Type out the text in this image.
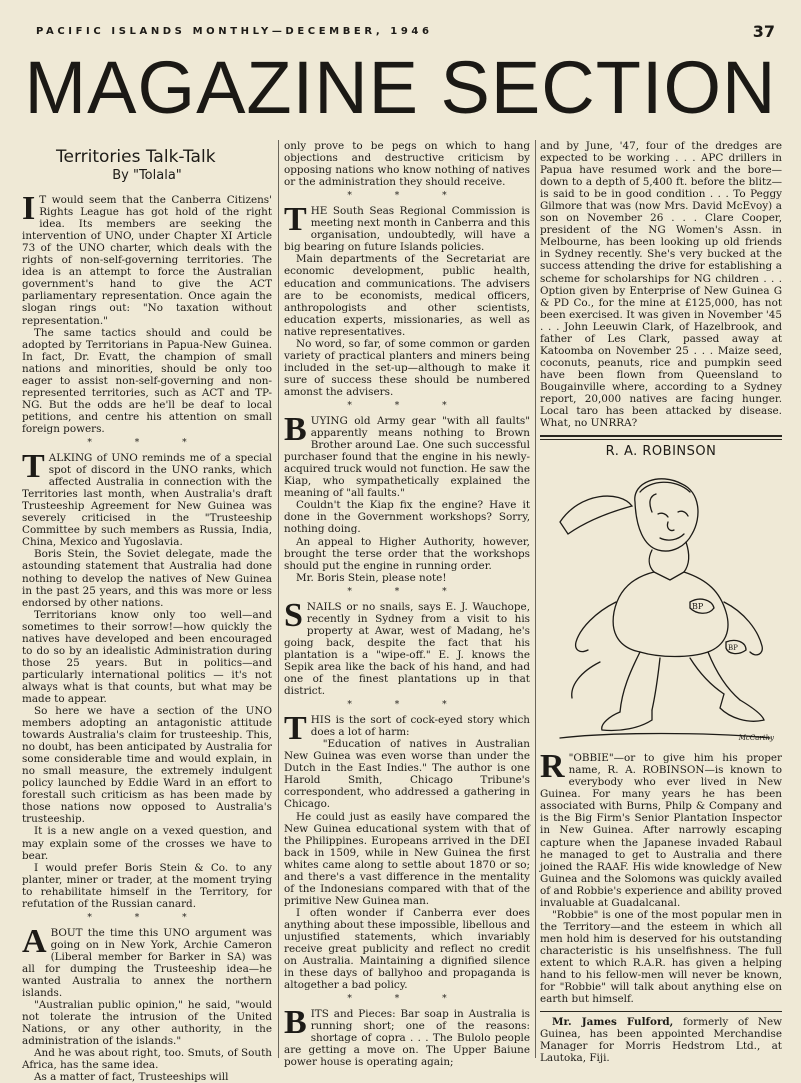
PACIFIC ISLANDS MONTHLY—DECEMBER, 1946	37
MAGAZINE SECTION
Territories Talk-Talk
By "Tolala"

I T would seem that the Canberra Citizens' Rights League has got hold of the right idea. Its members are seeking the intervention of UNO, under Chapter XI Article 73 of the UNO charter, which deals with the rights of non-self-governing territories. The idea is an attempt to force the Australian government's hand to give the ACT parliamentary representation. Once again the slogan rings out: "No taxation without representation."

The same tactics should and could be adopted by Territorians in Papua-New Guinea. In fact, Dr. Evatt, the champion of small nations and minorities, should be only too eager to assist non-self-governing and non-represented territories, such as ACT and TP-NG. But the odds are he'll be deaf to local petitions, and centre his attention on small foreign powers.

* * *

TALKING of UNO reminds me of a special spot of discord in the UNO ranks, which affected Australia in connection with the Territories last month, when Australia's draft Trusteeship Agreement for New Guinea was severely criticised in the "Trusteeship Committee by such members as Russia, India, China, Mexico and Yugoslavia.

Boris Stein, the Soviet delegate, made the astounding statement that Australia had done nothing to develop the natives of New Guinea in the past 25 years, and this was more or less endorsed by other nations.

Territorians know only too well—and sometimes to their sorrow!—how quickly the natives have developed and been encouraged to do so by an idealistic Administration during those 25 years. But in politics—and particularly international politics — it's not always what is that counts, but what may be made to appear.

So here we have a section of the UNO members adopting an antagonistic attitude towards Australia's claim for trusteeship. This, no doubt, has been anticipated by Australia for some considerable time and would explain, in no small measure, the extremely indulgent policy launched by Eddie Ward in an effort to forestall such criticism as has been made by those nations now opposed to Australia's trusteeship.

It is a new angle on a vexed question, and may explain some of the crosses we have to bear.

I would prefer Boris Stein & Co. to any planter, miner or trader, at the moment trying to rehabilitate himself in the Territory, for refutation of the Russian canard.

* * *

ABOUT the time this UNO argument was going on in New York, Archie Cameron (Liberal member for Barker in SA) was all for dumping the Trusteeship idea—he wanted Australia to annex the northern islands.

"Australian public opinion," he said, "would not tolerate the intrusion of the United Nations, or any other authority, in the administration of the islands."

And he was about right, too. Smuts, of South Africa, has the same idea.

As a matter of fact, Trusteeships will

only prove to be pegs on which to hang objections and destructive criticism by opposing nations who know nothing of natives or the administration they should receive.

* * *

THE South Seas Regional Commission is meeting next month in Canberra and this organisation, undoubtedly, will have a big bearing on future Islands policies.

Main departments of the Secretariat are economic development, public health, education and communications. The advisers are to be economists, medical officers, anthropologists and other scientists, education experts, missionaries, as well as native representatives.

No word, so far, of some common or garden variety of practical planters and miners being included in the set-up—although to make it sure of success these should be numbered amonst the advisers.

* * *

BUYING old Army gear "with all faults" apparently means nothing to Brown Brother around Lae. One such successful purchaser found that the engine in his newly-acquired truck would not function. He saw the Kiap, who sympathetically explained the meaning of "all faults."

Couldn't the Kiap fix the engine? Have it done in the Government workshops? Sorry, nothing doing.

An appeal to Higher Authority, however, brought the terse order that the workshops should put the engine in running order.

Mr. Boris Stein, please note!

* * *

SNAILS or no snails, says E. J. Wauchope, recently in Sydney from a visit to his property at Awar, west of Madang, he's going back, despite the fact that his plantation is a "wipe-off." E. J. knows the Sepik area like the back of his hand, and had one of the finest plantations up in that district.

* * *

THIS is the sort of cock-eyed story which does a lot of harm:

"Education of natives in Australian New Guinea was even worse than under the Dutch in the East Indies." The author is one Harold Smith, Chicago Tribune's correspondent, who addressed a gathering in Chicago.

He could just as easily have compared the New Guinea educational system with that of the Philippines. Europeans arrived in the DEI back in 1509, while in New Guinea the first whites came along to settle about 1870 or so; and there's a vast difference in the mentality of the Indonesians compared with that of the primitive New Guinea man.

I often wonder if Canberra ever does anything about these impossible, libellous and unjustified statements, which invariably receive great publicity and reflect no credit on Australia. Maintaining a dignified silence in these days of ballyhoo and propaganda is altogether a bad policy.

* * *

BITS and Pieces: Bar soap in Australia is running short; one of the reasons: shortage of copra . . . The Bulolo people are getting a move on. The Upper Baiune power house is operating again;

and by June, '47, four of the dredges are expected to be working . . . APC drillers in Papua have resumed work and the bore—down to a depth of 5,400 ft. before the blitz—is said to be in good condition . . . To Peggy Gilmore that was (now Mrs. David McEvoy) a son on November 26 . . . Clare Cooper, president of the NG Women's Assn. in Melbourne, has been looking up old friends in Sydney recently. She's very bucked at the success attending the drive for establishing a scheme for scholarships for NG children . . . Option given by Enterprise of New Guinea G & PD Co., for the mine at £125,000, has not been exercised. It was given in November '45 . . . John Leeuwin Clark, of Hazelbrook, and father of Les Clark, passed away at Katoomba on November 25 . . . Maize seed, coconuts, peanuts, rice and pumpkin seed have been flown from Queensland to Bougainville where, according to a Sydney report, 20,000 natives are facing hunger. Local taro has been attacked by disease. What, no UNRRA?

R. A. ROBINSON
BP
BP
McCarthy

"
R OBBIE"—or to give him his proper name, R. A. ROBINSON—is known to everybody who ever lived in New Guinea. For many years he has been associated with Burns, Philp & Company and is the Big Firm's Senior Plantation Inspector in New Guinea. After narrowly escaping capture when the Japanese invaded Rabaul he managed to get to Australia and there joined the RAAF. His wide knowledge of New Guinea and the Solomons was quickly availed of and Robbie's experience and ability proved invaluable at Guadalcanal.

"Robbie" is one of the most popular men in the Territory—and the esteem in which all men hold him is deserved for his outstanding characteristic is his unselfishness. The full extent to which R.A.R. has given a helping hand to his fellow-men will never be known, for "Robbie" will talk about anything else on earth but himself.

Mr. James Fulford, formerly of New Guinea, has been appointed Merchandise Manager for Morris Hedstrom Ltd., at Lautoka, Fiji.
